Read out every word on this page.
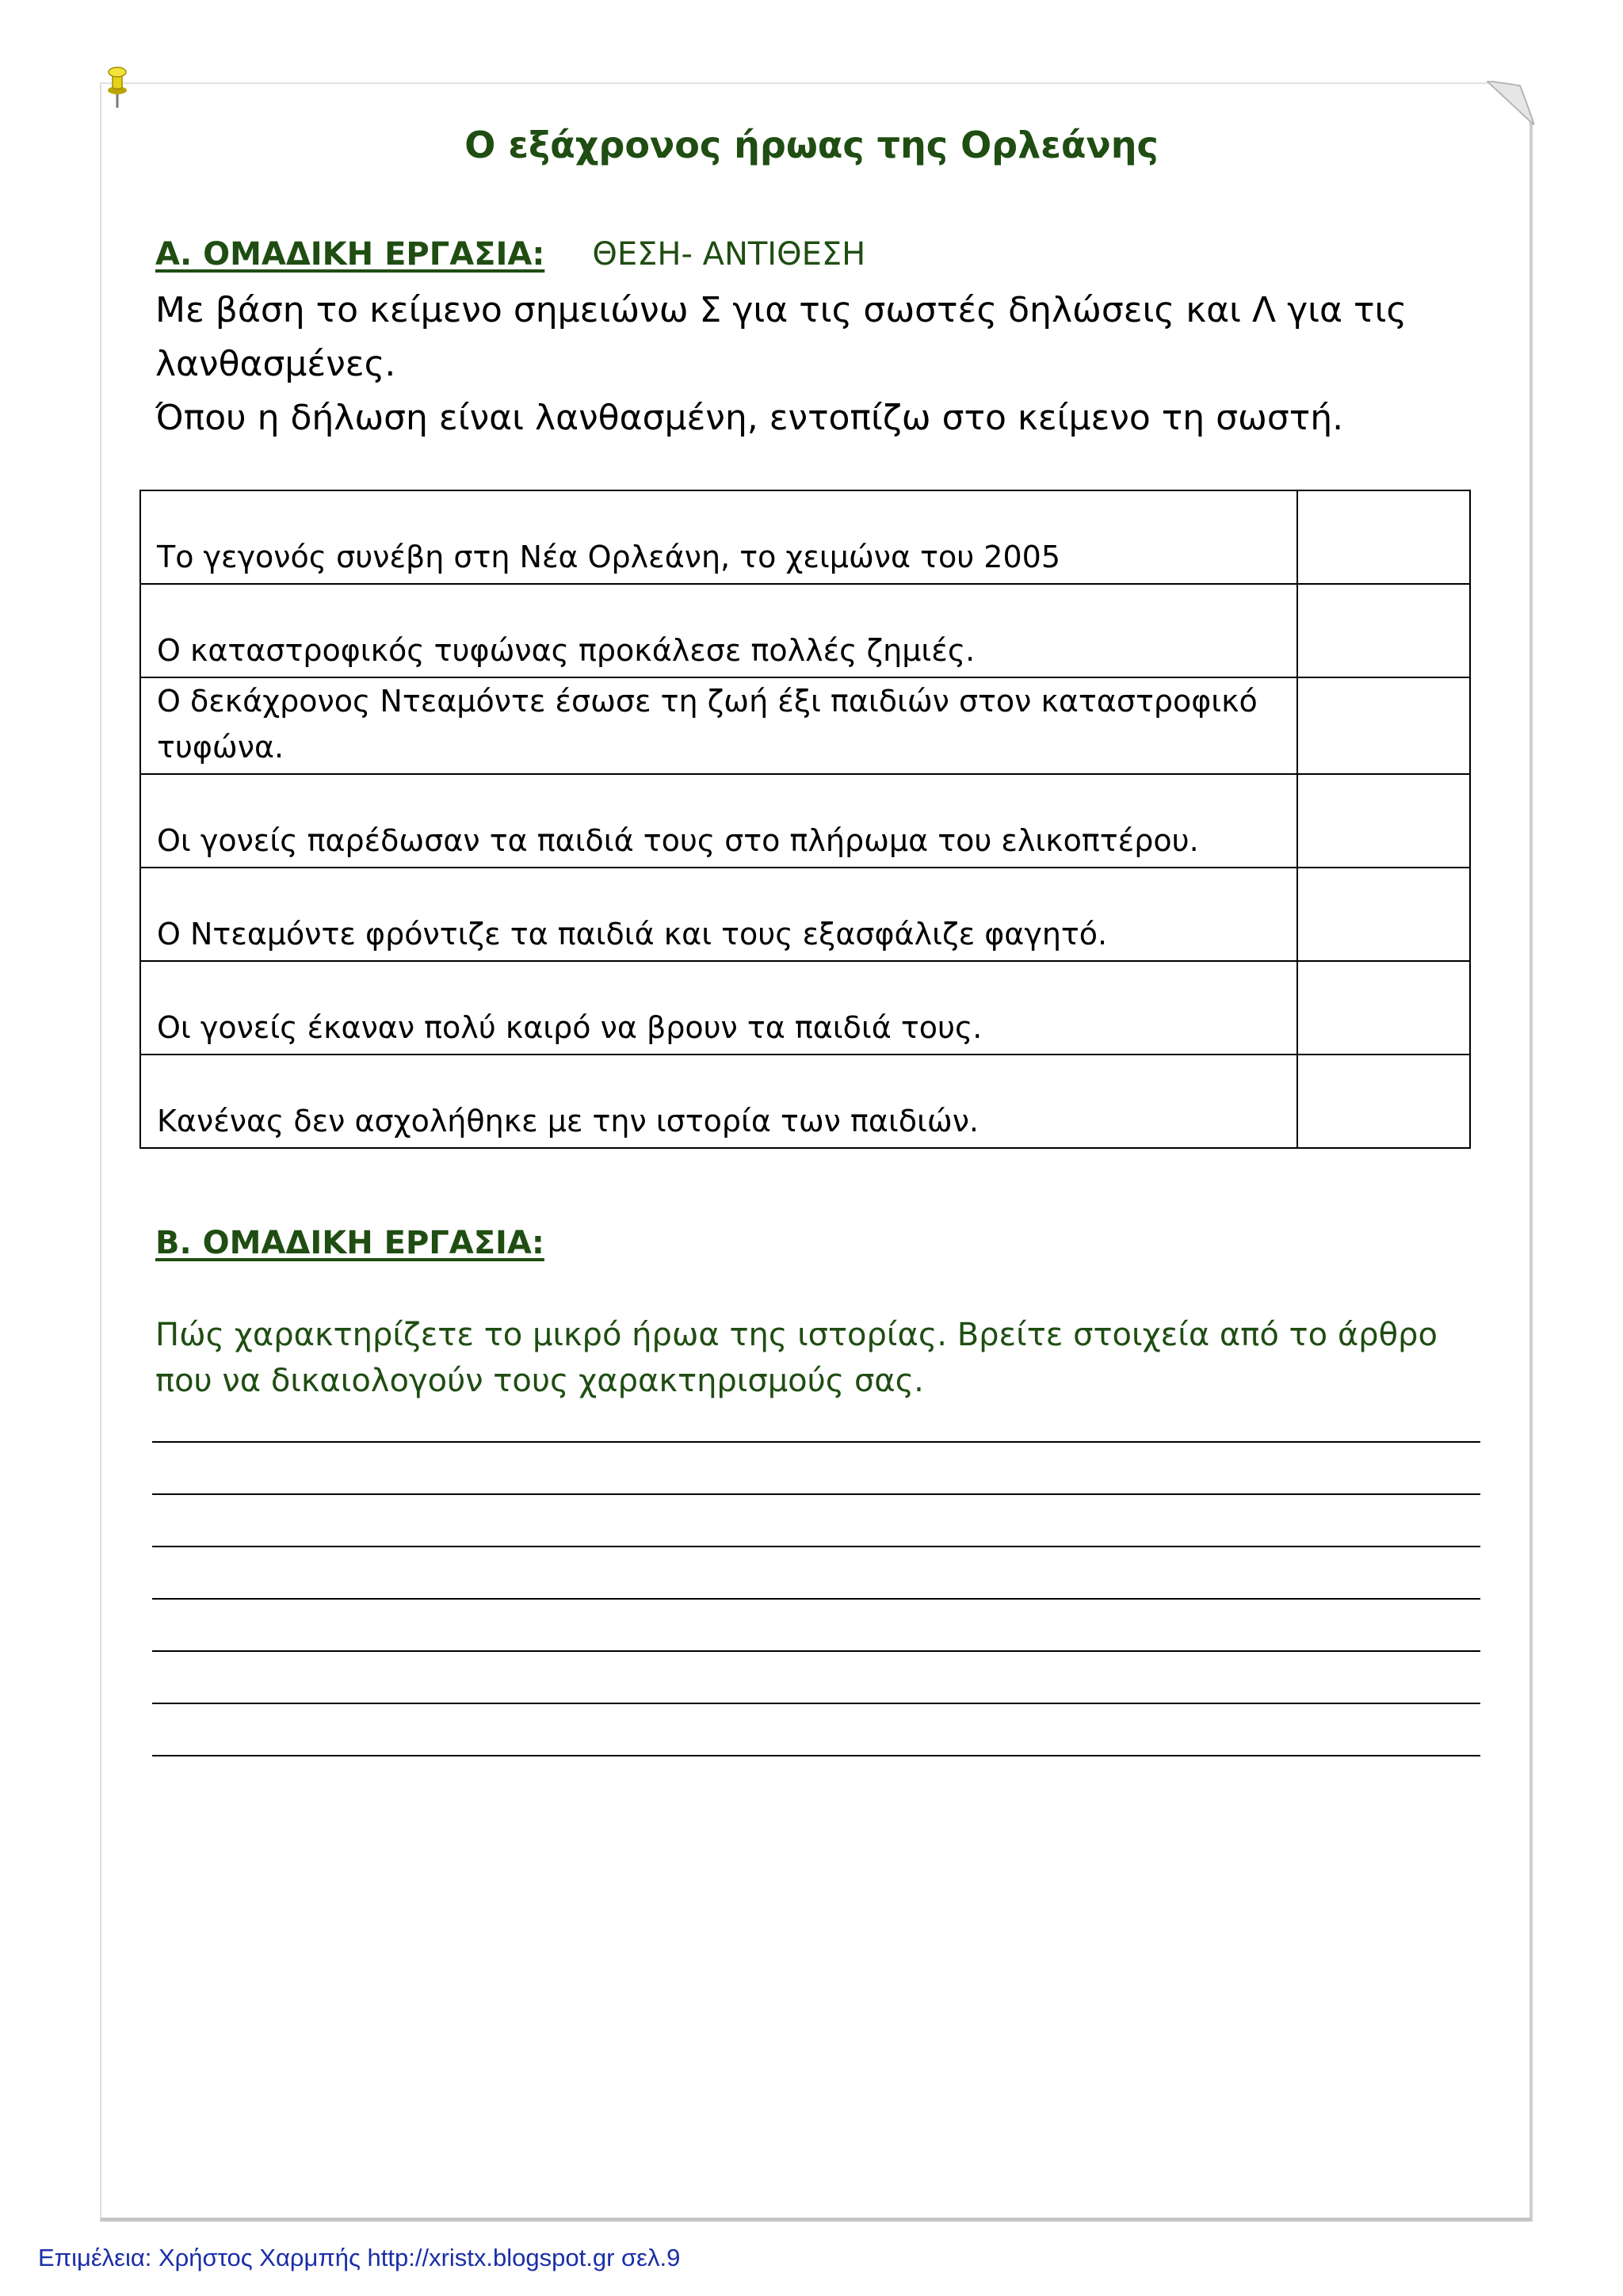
Ο εξάχρονος ήρωας της Ορλεάνης
Α. ΟΜΑΔΙΚΗ ΕΡΓΑΣΙΑ: ΘΕΣΗ- ΑΝΤΙΘΕΣΗ

Με βάση το κείμενο σημειώνω Σ για τις σωστές δηλώσεις και Λ για τις λανθασμένες.

Όπου η δήλωση είναι λανθασμένη, εντοπίζω στο κείμενο τη σωστή.

Το γεγονός συνέβη στη Νέα Ορλεάνη, το χειμώνα του 2005	
Ο καταστροφικός τυφώνας προκάλεσε πολλές ζημιές.	
Ο δεκάχρονος Ντεαμόντε έσωσε τη ζωή έξι παιδιών στον καταστροφικό τυφώνα.	
Οι γονείς παρέδωσαν τα παιδιά τους στο πλήρωμα του ελικοπτέρου.	
Ο Ντεαμόντε φρόντιζε τα παιδιά και τους εξασφάλιζε φαγητό.	
Οι γονείς έκαναν πολύ καιρό να βρουν τα παιδιά τους.	
Κανένας δεν ασχολήθηκε με την ιστορία των παιδιών.	
Β. ΟΜΑΔΙΚΗ ΕΡΓΑΣΙΑ:
Πώς χαρακτηρίζετε το μικρό ήρωα της ιστορίας. Βρείτε στοιχεία από το άρθρο που να δικαιολογούν τους χαρακτηρισμούς σας.
Επιμέλεια: Χρήστος Χαρμπής http://xristx.blogspot.gr σελ.9
